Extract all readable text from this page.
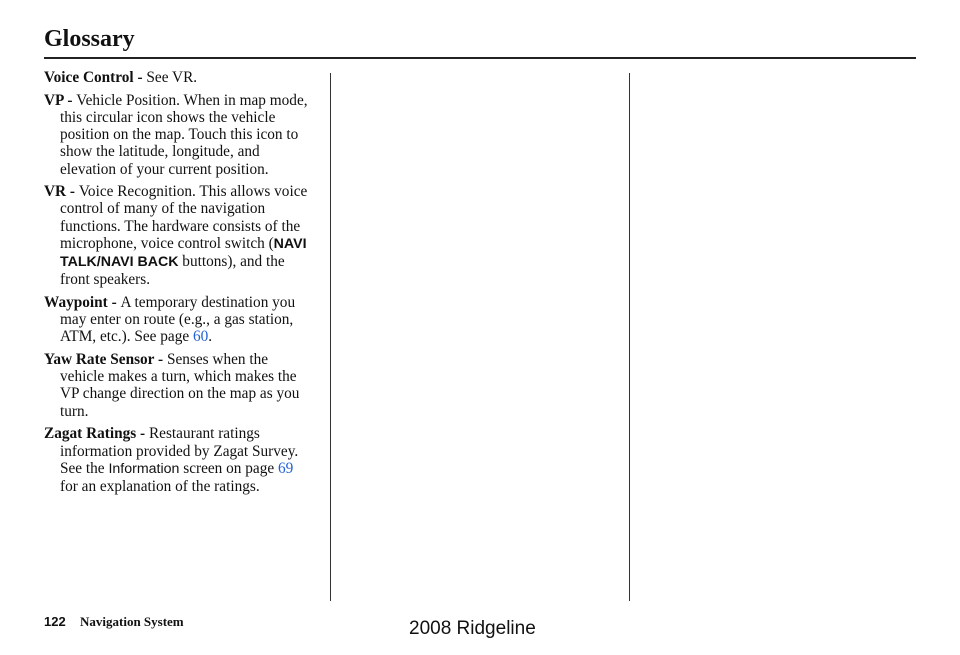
Glossary

Voice Control - See VR.

VP - Vehicle Position. When in map mode, this circular icon shows the vehicle position on the map. Touch this icon to show the latitude, longitude, and elevation of your current position.

VR - Voice Recognition. This allows voice control of many of the navigation functions. The hardware consists of the microphone, voice control switch (NAVI TALK/NAVI BACK buttons), and the front speakers.

Waypoint - A temporary destination you may enter on route (e.g., a gas station, ATM, etc.). See page 60.

Yaw Rate Sensor - Senses when the vehicle makes a turn, which makes the VP change direction on the map as you turn.

Zagat Ratings - Restaurant ratings information provided by Zagat Survey. See the Information screen on page 69 for an explanation of the ratings.

122 Navigation System	2008 Ridgeline
